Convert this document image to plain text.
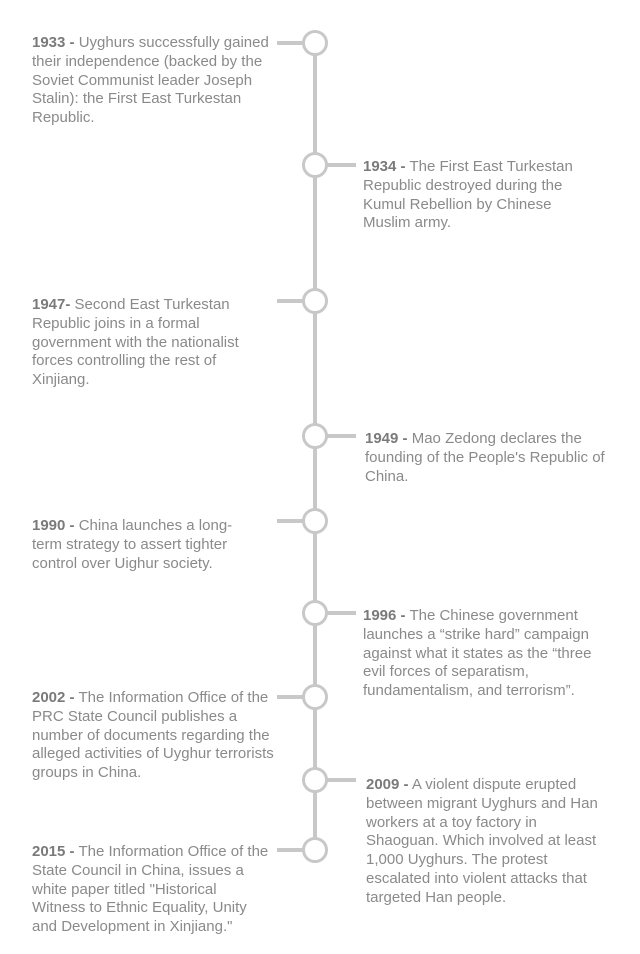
1933 - Uyghurs successfully gained their independence (backed by the Soviet Communist leader Joseph Stalin): the First East Turkestan Republic.

1934 - The First East Turkestan Republic destroyed during the Kumul Rebellion by Chinese Muslim army.

1947- Second East Turkestan Republic joins in a formal government with the nationalist forces controlling the rest of Xinjiang.

1949 - Mao Zedong declares the founding of the People's Republic of China.

1990 - China launches a long-term strategy to assert tighter control over Uighur society.

1996 - The Chinese government launches a “strike hard” campaign against what it states as the “three evil forces of separatism, fundamentalism, and terrorism”.

2002 - The Information Office of the PRC State Council publishes a number of documents regarding the alleged activities of Uyghur terrorists groups in China.

2009 - A violent dispute erupted between migrant Uyghurs and Han workers at a toy factory in Shaoguan. Which involved at least 1,000 Uyghurs. The protest escalated into violent attacks that targeted Han people.

2015 - The Information Office of the State Council in China, issues a white paper titled "Historical Witness to Ethnic Equality, Unity and Development in Xinjiang."
